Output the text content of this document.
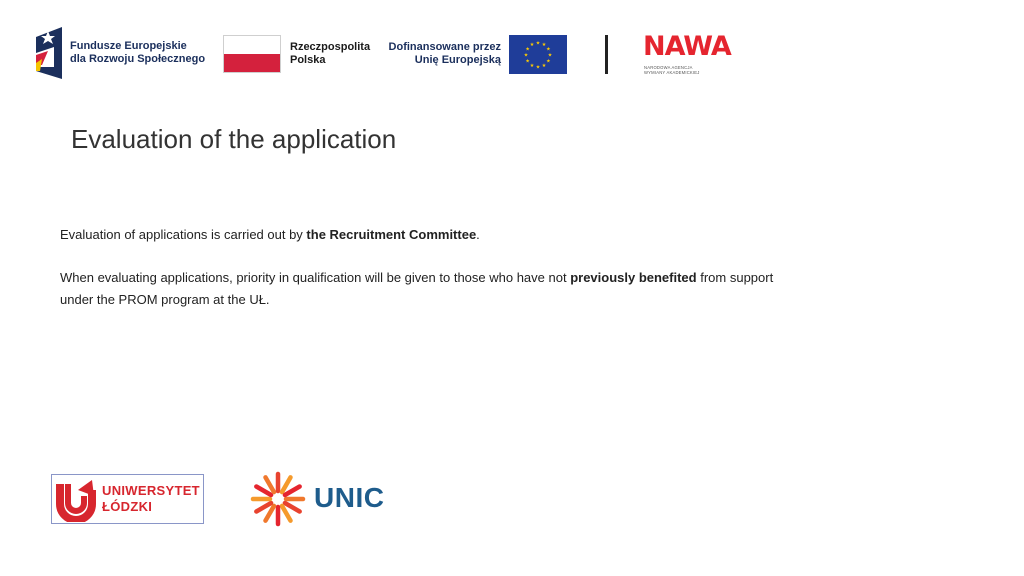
Fundusze Europejskie
dla Rozwoju Społecznego
Rzeczpospolita
Polska
Dofinansowane przez
Unię Europejską	★
★
★
★
★
★
★
★
★ ★ ★
★	NAWA
NARODOWA AGENCJA
WYMIANY AKADEMICKIEJ
Evaluation of the application

Evaluation of applications is carried out by the Recruitment Committee.

When evaluating applications, priority in qualification will be given to those who have not previously benefited from support under the PROM program at the UŁ.

UNIWERSYTET
ŁÓDZKI	UNIC
